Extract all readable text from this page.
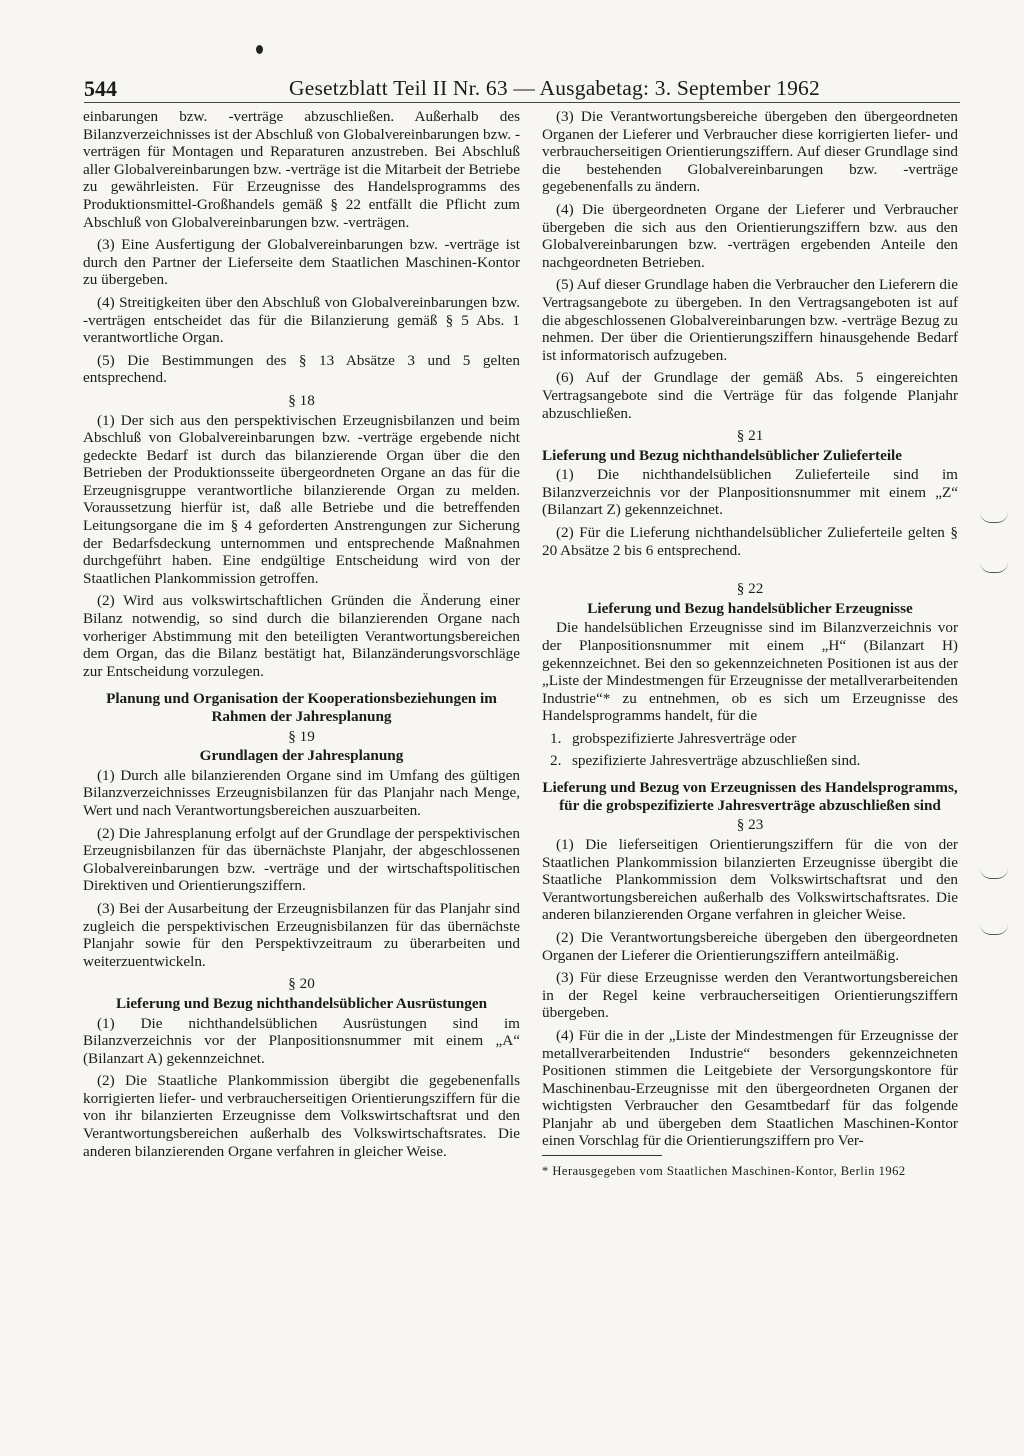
544	Gesetzblatt Teil II Nr. 63 — Ausgabetag: 3. September 1962

einbarungen bzw. -verträge abzuschließen. Außerhalb des Bilanzverzeichnisses ist der Abschluß von Globalvereinbarungen bzw. -verträgen für Montagen und Reparaturen anzustreben. Bei Abschluß aller Globalvereinbarungen bzw. -verträge ist die Mitarbeit der Betriebe zu gewährleisten. Für Erzeugnisse des Handelsprogramms des Produktionsmittel-Großhandels gemäß § 22 entfällt die Pflicht zum Abschluß von Globalvereinbarungen bzw. -verträgen.

(3) Eine Ausfertigung der Globalvereinbarungen bzw. -verträge ist durch den Partner der Lieferseite dem Staatlichen Maschinen-Kontor zu übergeben.

(4) Streitigkeiten über den Abschluß von Globalvereinbarungen bzw. -verträgen entscheidet das für die Bilanzierung gemäß § 5 Abs. 1 verantwortliche Organ.

(5) Die Bestimmungen des § 13 Absätze 3 und 5 gelten entsprechend.

§ 18

(1) Der sich aus den perspektivischen Erzeugnisbilanzen und beim Abschluß von Globalvereinbarungen bzw. -verträge ergebende nicht gedeckte Bedarf ist durch das bilanzierende Organ über die den Betrieben der Produktionsseite übergeordneten Organe an das für die Erzeugnisgruppe verantwortliche bilanzierende Organ zu melden. Voraussetzung hierfür ist, daß alle Betriebe und die betreffenden Leitungsorgane die im § 4 geforderten Anstrengungen zur Sicherung der Bedarfsdeckung unternommen und entsprechende Maßnahmen durchgeführt haben. Eine endgültige Entscheidung wird von der Staatlichen Plankommission getroffen.

(2) Wird aus volkswirtschaftlichen Gründen die Änderung einer Bilanz notwendig, so sind durch die bilanzierenden Organe nach vorheriger Abstimmung mit den beteiligten Verantwortungsbereichen dem Organ, das die Bilanz bestätigt hat, Bilanzänderungsvorschläge zur Entscheidung vorzulegen.

Planung und Organisation der Kooperationsbeziehungen im Rahmen der Jahresplanung
§ 19
Grundlagen der Jahresplanung

(1) Durch alle bilanzierenden Organe sind im Umfang des gültigen Bilanzverzeichnisses Erzeugnisbilanzen für das Planjahr nach Menge, Wert und nach Verantwortungsbereichen auszuarbeiten.

(2) Die Jahresplanung erfolgt auf der Grundlage der perspektivischen Erzeugnisbilanzen für das übernächste Planjahr, der abgeschlossenen Globalvereinbarungen bzw. -verträge und der wirtschaftspolitischen Direktiven und Orientierungsziffern.

(3) Bei der Ausarbeitung der Erzeugnisbilanzen für das Planjahr sind zugleich die perspektivischen Erzeugnisbilanzen für das übernächste Planjahr sowie für den Perspektivzeitraum zu überarbeiten und weiterzuentwickeln.

§ 20
Lieferung und Bezug nichthandelsüblicher Ausrüstungen

(1) Die nichthandelsüblichen Ausrüstungen sind im Bilanzverzeichnis vor der Planpositionsnummer mit einem „A“ (Bilanzart A) gekennzeichnet.

(2) Die Staatliche Plankommission übergibt die gegebenenfalls korrigierten liefer- und verbraucherseitigen Orientierungsziffern für die von ihr bilanzierten Erzeugnisse dem Volkswirtschaftsrat und den Verantwortungsbereichen außerhalb des Volkswirtschaftsrates. Die anderen bilanzierenden Organe verfahren in gleicher Weise.

(3) Die Verantwortungsbereiche übergeben den übergeordneten Organen der Lieferer und Verbraucher diese korrigierten liefer- und verbraucherseitigen Orientierungsziffern. Auf dieser Grundlage sind die bestehenden Globalvereinbarungen bzw. -verträge gegebenenfalls zu ändern.

(4) Die übergeordneten Organe der Lieferer und Verbraucher übergeben die sich aus den Orientierungsziffern bzw. aus den Globalvereinbarungen bzw. -verträgen ergebenden Anteile den nachgeordneten Betrieben.

(5) Auf dieser Grundlage haben die Verbraucher den Lieferern die Vertragsangebote zu übergeben. In den Vertragsangeboten ist auf die abgeschlossenen Globalvereinbarungen bzw. -verträge Bezug zu nehmen. Der über die Orientierungsziffern hinausgehende Bedarf ist informatorisch aufzugeben.

(6) Auf der Grundlage der gemäß Abs. 5 eingereichten Vertragsangebote sind die Verträge für das folgende Planjahr abzuschließen.

§ 21
Lieferung und Bezug nichthandelsüblicher Zulieferteile

(1) Die nichthandelsüblichen Zulieferteile sind im Bilanzverzeichnis vor der Planpositionsnummer mit einem „Z“ (Bilanzart Z) gekennzeichnet.

(2) Für die Lieferung nichthandelsüblicher Zulieferteile gelten § 20 Absätze 2 bis 6 entsprechend.

§ 22
Lieferung und Bezug handelsüblicher Erzeugnisse

Die handelsüblichen Erzeugnisse sind im Bilanzverzeichnis vor der Planpositionsnummer mit einem „H“ (Bilanzart H) gekennzeichnet. Bei den so gekennzeichneten Positionen ist aus der „Liste der Mindestmengen für Erzeugnisse der metallverarbeitenden Industrie“* zu entnehmen, ob es sich um Erzeugnisse des Handelsprogramms handelt, für die

1. grobspezifizierte Jahresverträge oder
2. spezifizierte Jahresverträge abzuschließen sind.
Lieferung und Bezug von Erzeugnissen des Handelsprogramms, für die grobspezifizierte Jahresverträge abzuschließen sind
§ 23

(1) Die lieferseitigen Orientierungsziffern für die von der Staatlichen Plankommission bilanzierten Erzeugnisse übergibt die Staatliche Plankommission dem Volkswirtschaftsrat und den Verantwortungsbereichen außerhalb des Volkswirtschaftsrates. Die anderen bilanzierenden Organe verfahren in gleicher Weise.

(2) Die Verantwortungsbereiche übergeben den übergeordneten Organen der Lieferer die Orientierungsziffern anteilmäßig.

(3) Für diese Erzeugnisse werden den Verantwortungsbereichen in der Regel keine verbraucherseitigen Orientierungsziffern übergeben.

(4) Für die in der „Liste der Mindestmengen für Erzeugnisse der metallverarbeitenden Industrie“ besonders gekennzeichneten Positionen stimmen die Leitgebiete der Versorgungskontore für Maschinenbau-Erzeugnisse mit den übergeordneten Organen der wichtigsten Verbraucher den Gesamtbedarf für das folgende Planjahr ab und übergeben dem Staatlichen Maschinen-Kontor einen Vorschlag für die Orientierungsziffern pro Ver-

* Herausgegeben vom Staatlichen Maschinen-Kontor, Berlin 1962
